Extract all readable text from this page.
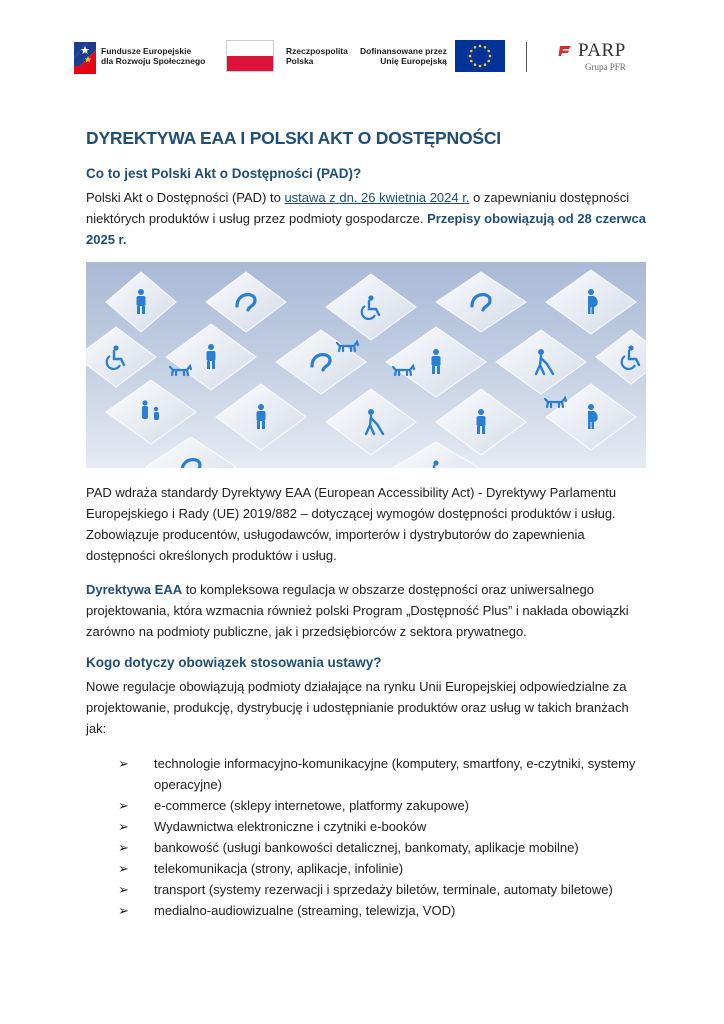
Fundusze Europejskie
dla Rozwoju Społecznego
Rzeczpospolita
Polska
Dofinansowane przez
Unię Europejską	PARP
Grupa PFR
DYREKTYWA EAA I POLSKI AKT O DOSTĘPNOŚCI
Co to jest Polski Akt o Dostępności (PAD)?

Polski Akt o Dostępności (PAD) to ustawa z dn. 26 kwietnia 2024 r. o zapewnianiu dostępności niektórych produktów i usług przez podmioty gospodarcze. Przepisy obowiązują od 28 czerwca 2025 r.

PAD wdraża standardy Dyrektywy EAA (European Accessibility Act) - Dyrektywy Parlamentu Europejskiego i Rady (UE) 2019/882 – dotyczącej wymogów dostępności produktów i usług. Zobowiązuje producentów, usługodawców, importerów i dystrybutorów do zapewnienia dostępności określonych produktów i usług.

Dyrektywa EAA to kompleksowa regulacja w obszarze dostępności oraz uniwersalnego projektowania, która wzmacnia również polski Program „Dostępność Plus” i nakłada obowiązki zarówno na podmioty publiczne, jak i przedsiębiorców z sektora prywatnego.

Kogo dotyczy obowiązek stosowania ustawy?

Nowe regulacje obowiązują podmioty działające na rynku Unii Europejskiej odpowiedzialne za projektowanie, produkcję, dystrybucję i udostępnianie produktów oraz usług w takich branżach jak:

➢ technologie informacyjno-komunikacyjne (komputery, smartfony, e-czytniki, systemy operacyjne)
➢ e-commerce (sklepy internetowe, platformy zakupowe)
➢ Wydawnictwa elektroniczne i czytniki e-booków
➢ bankowość (usługi bankowości detalicznej, bankomaty, aplikacje mobilne)
➢ telekomunikacja (strony, aplikacje, infolinie)
➢ transport (systemy rezerwacji i sprzedaży biletów, terminale, automaty biletowe)
➢ medialno-audiowizualne (streaming, telewizja, VOD)
